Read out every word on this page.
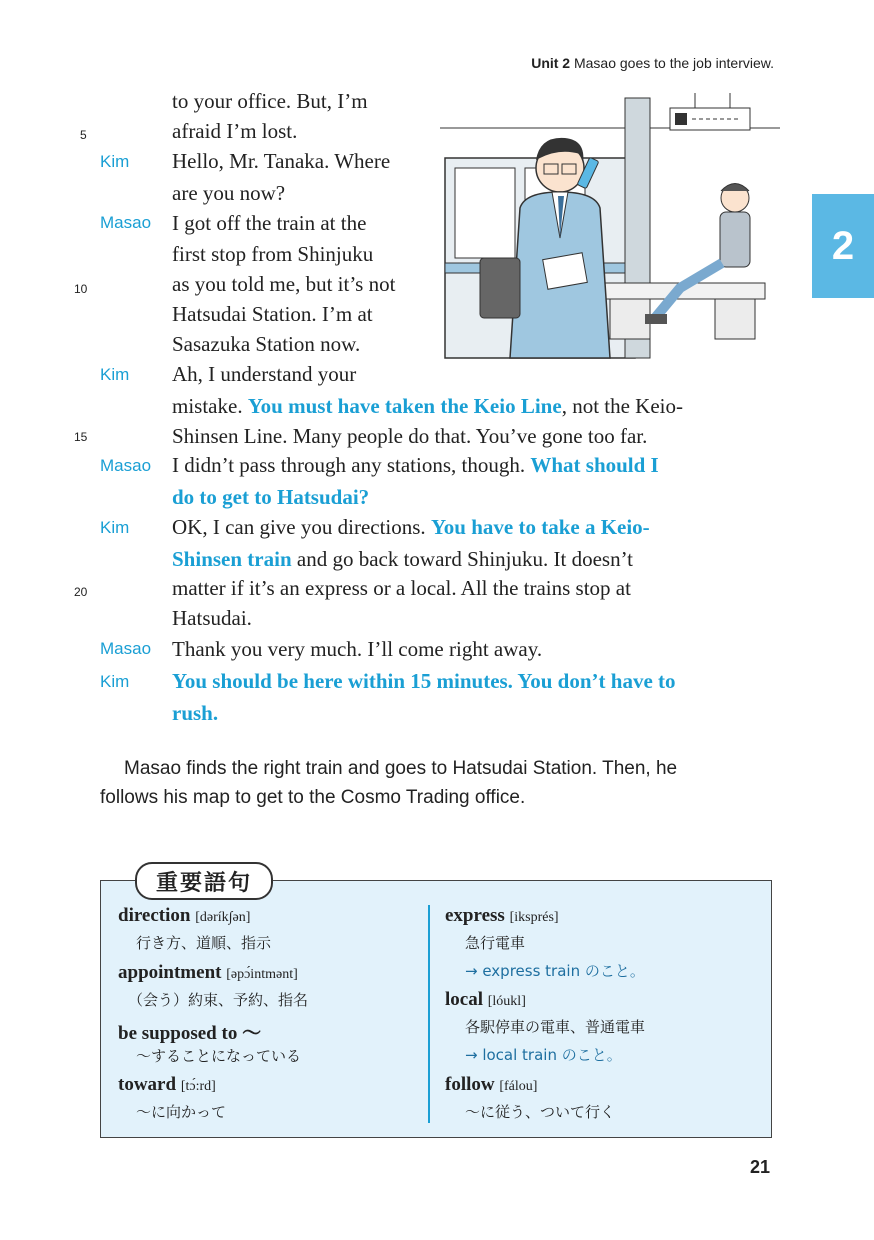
Unit 2 Masao goes to the job interview.
2
5
10
15
20
Kim
Masao
Kim
Masao
Kim
Masao
Kim
to your office. But, I’m
afraid I’m lost.
Hello, Mr. Tanaka. Where
are you now?
I got off the train at the
first stop from Shinjuku
as you told me, but it’s not
Hatsudai Station. I’m at
Sasazuka Station now.
Ah, I understand your
mistake. You must have taken the Keio Line, not the Keio-
Shinsen Line. Many people do that. You’ve gone too far.
I didn’t pass through any stations, though. What should I
do to get to Hatsudai?
OK, I can give you directions. You have to take a Keio-
Shinsen train and go back toward Shinjuku. It doesn’t
matter if it’s an express or a local. All the trains stop at
Hatsudai.
Thank you very much. I’ll come right away.
You should be here within 15 minutes. You don’t have to
rush.
Masao finds the right train and goes to Hatsudai Station. Then, he
follows his map to get to the Cosmo Trading office.
重要語句
direction [dərík∫ən]
行き方、道順、指示
appointment [əpɔ́intmənt]
（会う）約束、予約、指名
be supposed to 〜
〜することになっている
toward [tɔ́:rd]
〜に向かって
express [iksprés]
急行電車
→ express train のこと。
local [lóukl]
各駅停車の電車、普通電車
→ local train のこと。
follow [fálou]
〜に従う、ついて行く
21
